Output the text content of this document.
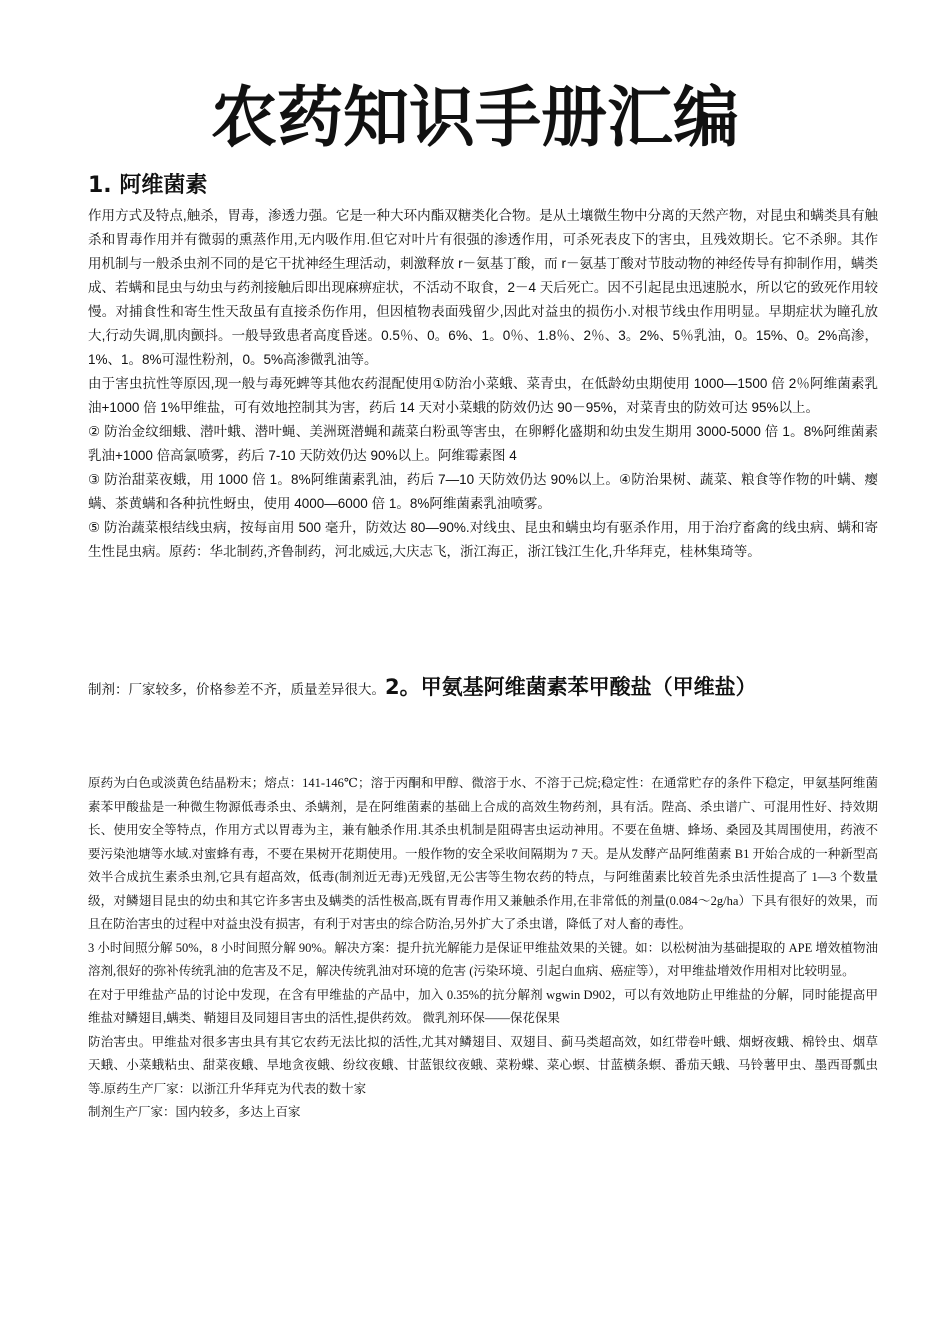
农药知识手册汇编
1. 阿维菌素

作用方式及特点,触杀，胃毒，渗透力强。它是一种大环内酯双糖类化合物。是从土壤微生物中分离的天然产物，对昆虫和螨类具有触杀和胃毒作用并有微弱的熏蒸作用,无内吸作用.但它对叶片有很强的渗透作用，可杀死表皮下的害虫，且残效期长。它不杀卵。其作用机制与一般杀虫剂不同的是它干扰神经生理活动，刺激释放 r－氨基丁酸，而 r－氨基丁酸对节肢动物的神经传导有抑制作用，螨类成、若螨和昆虫与幼虫与药剂接触后即出现麻痹症状，不活动不取食，2－4 天后死亡。因不引起昆虫迅速脱水，所以它的致死作用较慢。对捕食性和寄生性天敌虽有直接杀伤作用，但因植物表面残留少,因此对益虫的损伤小.对根节线虫作用明显。早期症状为瞳孔放大,行动失调,肌肉颤抖。一般导致患者高度昏迷。0.5％、0。6%、1。0％、1.8％、2％、3。2%、5％乳油，0。15%、0。2%高渗，1%、1。8%可湿性粉剂，0。5%高渗微乳油等。

由于害虫抗性等原因,现一般与毒死蜱等其他农药混配使用①防治小菜蛾、菜青虫，在低龄幼虫期使用 1000—1500 倍 2％阿维菌素乳油+1000 倍 1%甲维盐，可有效地控制其为害，药后 14 天对小菜蛾的防效仍达 90－95%，对菜青虫的防效可达 95%以上。

② 防治金纹细蛾、潜叶蛾、潜叶蝇、美洲斑潜蝇和蔬菜白粉虱等害虫，在卵孵化盛期和幼虫发生期用 3000-5000 倍 1。8%阿维菌素乳油+1000 倍高氯喷雾，药后 7-10 天防效仍达 90%以上。阿维霉素图 4

③ 防治甜菜夜蛾，用 1000 倍 1。8%阿维菌素乳油，药后 7—10 天防效仍达 90%以上。④防治果树、蔬菜、粮食等作物的叶螨、瘿螨、茶黄螨和各种抗性蚜虫，使用 4000—6000 倍 1。8%阿维菌素乳油喷雾。

⑤ 防治蔬菜根结线虫病，按每亩用 500 毫升，防效达 80—90%.对线虫、昆虫和螨虫均有驱杀作用，用于治疗畜禽的线虫病、螨和寄生性昆虫病。原药：华北制药,齐鲁制药，河北威远,大庆志飞，浙江海正，浙江钱江生化,升华拜克，桂林集琦等。

制剂：厂家较多，价格参差不齐，质量差异很大。2。甲氨基阿维菌素苯甲酸盐（甲维盐）

原药为白色或淡黄色结晶粉末；熔点：141-146℃；溶于丙酮和甲醇、微溶于水、不溶于己烷;稳定性：在通常贮存的条件下稳定，甲氨基阿维菌素苯甲酸盐是一种微生物源低毒杀虫、杀螨剂，是在阿维菌素的基础上合成的高效生物药剂，具有活。陛高、杀虫谱广、可混用性好、持效期长、使用安全等特点，作用方式以胃毒为主，兼有触杀作用.其杀虫机制是阻碍害虫运动神用。不要在鱼塘、蜂场、桑园及其周围使用，药液不要污染池塘等水域.对蜜蜂有毒，不要在果树开花期使用。一般作物的安全采收间隔期为 7 天。是从发酵产品阿维菌素 B1 开始合成的一种新型高效半合成抗生素杀虫剂,它具有超高效，低毒(制剂近无毒)无残留,无公害等生物农药的特点，与阿维菌素比较首先杀虫活性提高了 1—3 个数量级，对鳞翅目昆虫的幼虫和其它许多害虫及螨类的活性极高,既有胃毒作用又兼触杀作用,在非常低的剂量(0.084～2g/ha）下具有很好的效果，而且在防治害虫的过程中对益虫没有损害，有利于对害虫的综合防治,另外扩大了杀虫谱，降低了对人畜的毒性。

3 小时间照分解 50%，8 小时间照分解 90%。解决方案：提升抗光解能力是保证甲维盐效果的关键。如：以松树油为基础提取的 APE 增效植物油溶剂,很好的弥补传统乳油的危害及不足，解决传统乳油对环境的危害 (污染环境、引起白血病、癌症等），对甲维盐增效作用相对比较明显。

在对于甲维盐产品的讨论中发现，在含有甲维盐的产品中，加入 0.35%的抗分解剂 wgwin D902，可以有效地防止甲维盐的分解，同时能提高甲维盐对鳞翅目,螨类、鞘翅目及同翅目害虫的活性,提供药效。 微乳剂环保——保花保果

防治害虫。甲维盐对很多害虫具有其它农药无法比拟的活性,尤其对鳞翅目、双翅目、蓟马类超高效，如红带卷叶蛾、烟蚜夜蛾、棉铃虫、烟草天蛾、小菜蛾粘虫、甜菜夜蛾、旱地贪夜蛾、纷纹夜蛾、甘蓝银纹夜蛾、菜粉蝶、菜心螟、甘蓝横条螟、番茄天蛾、马铃薯甲虫、墨西哥瓢虫等.原药生产厂家：以浙江升华拜克为代表的数十家

制剂生产厂家：国内较多，多达上百家
